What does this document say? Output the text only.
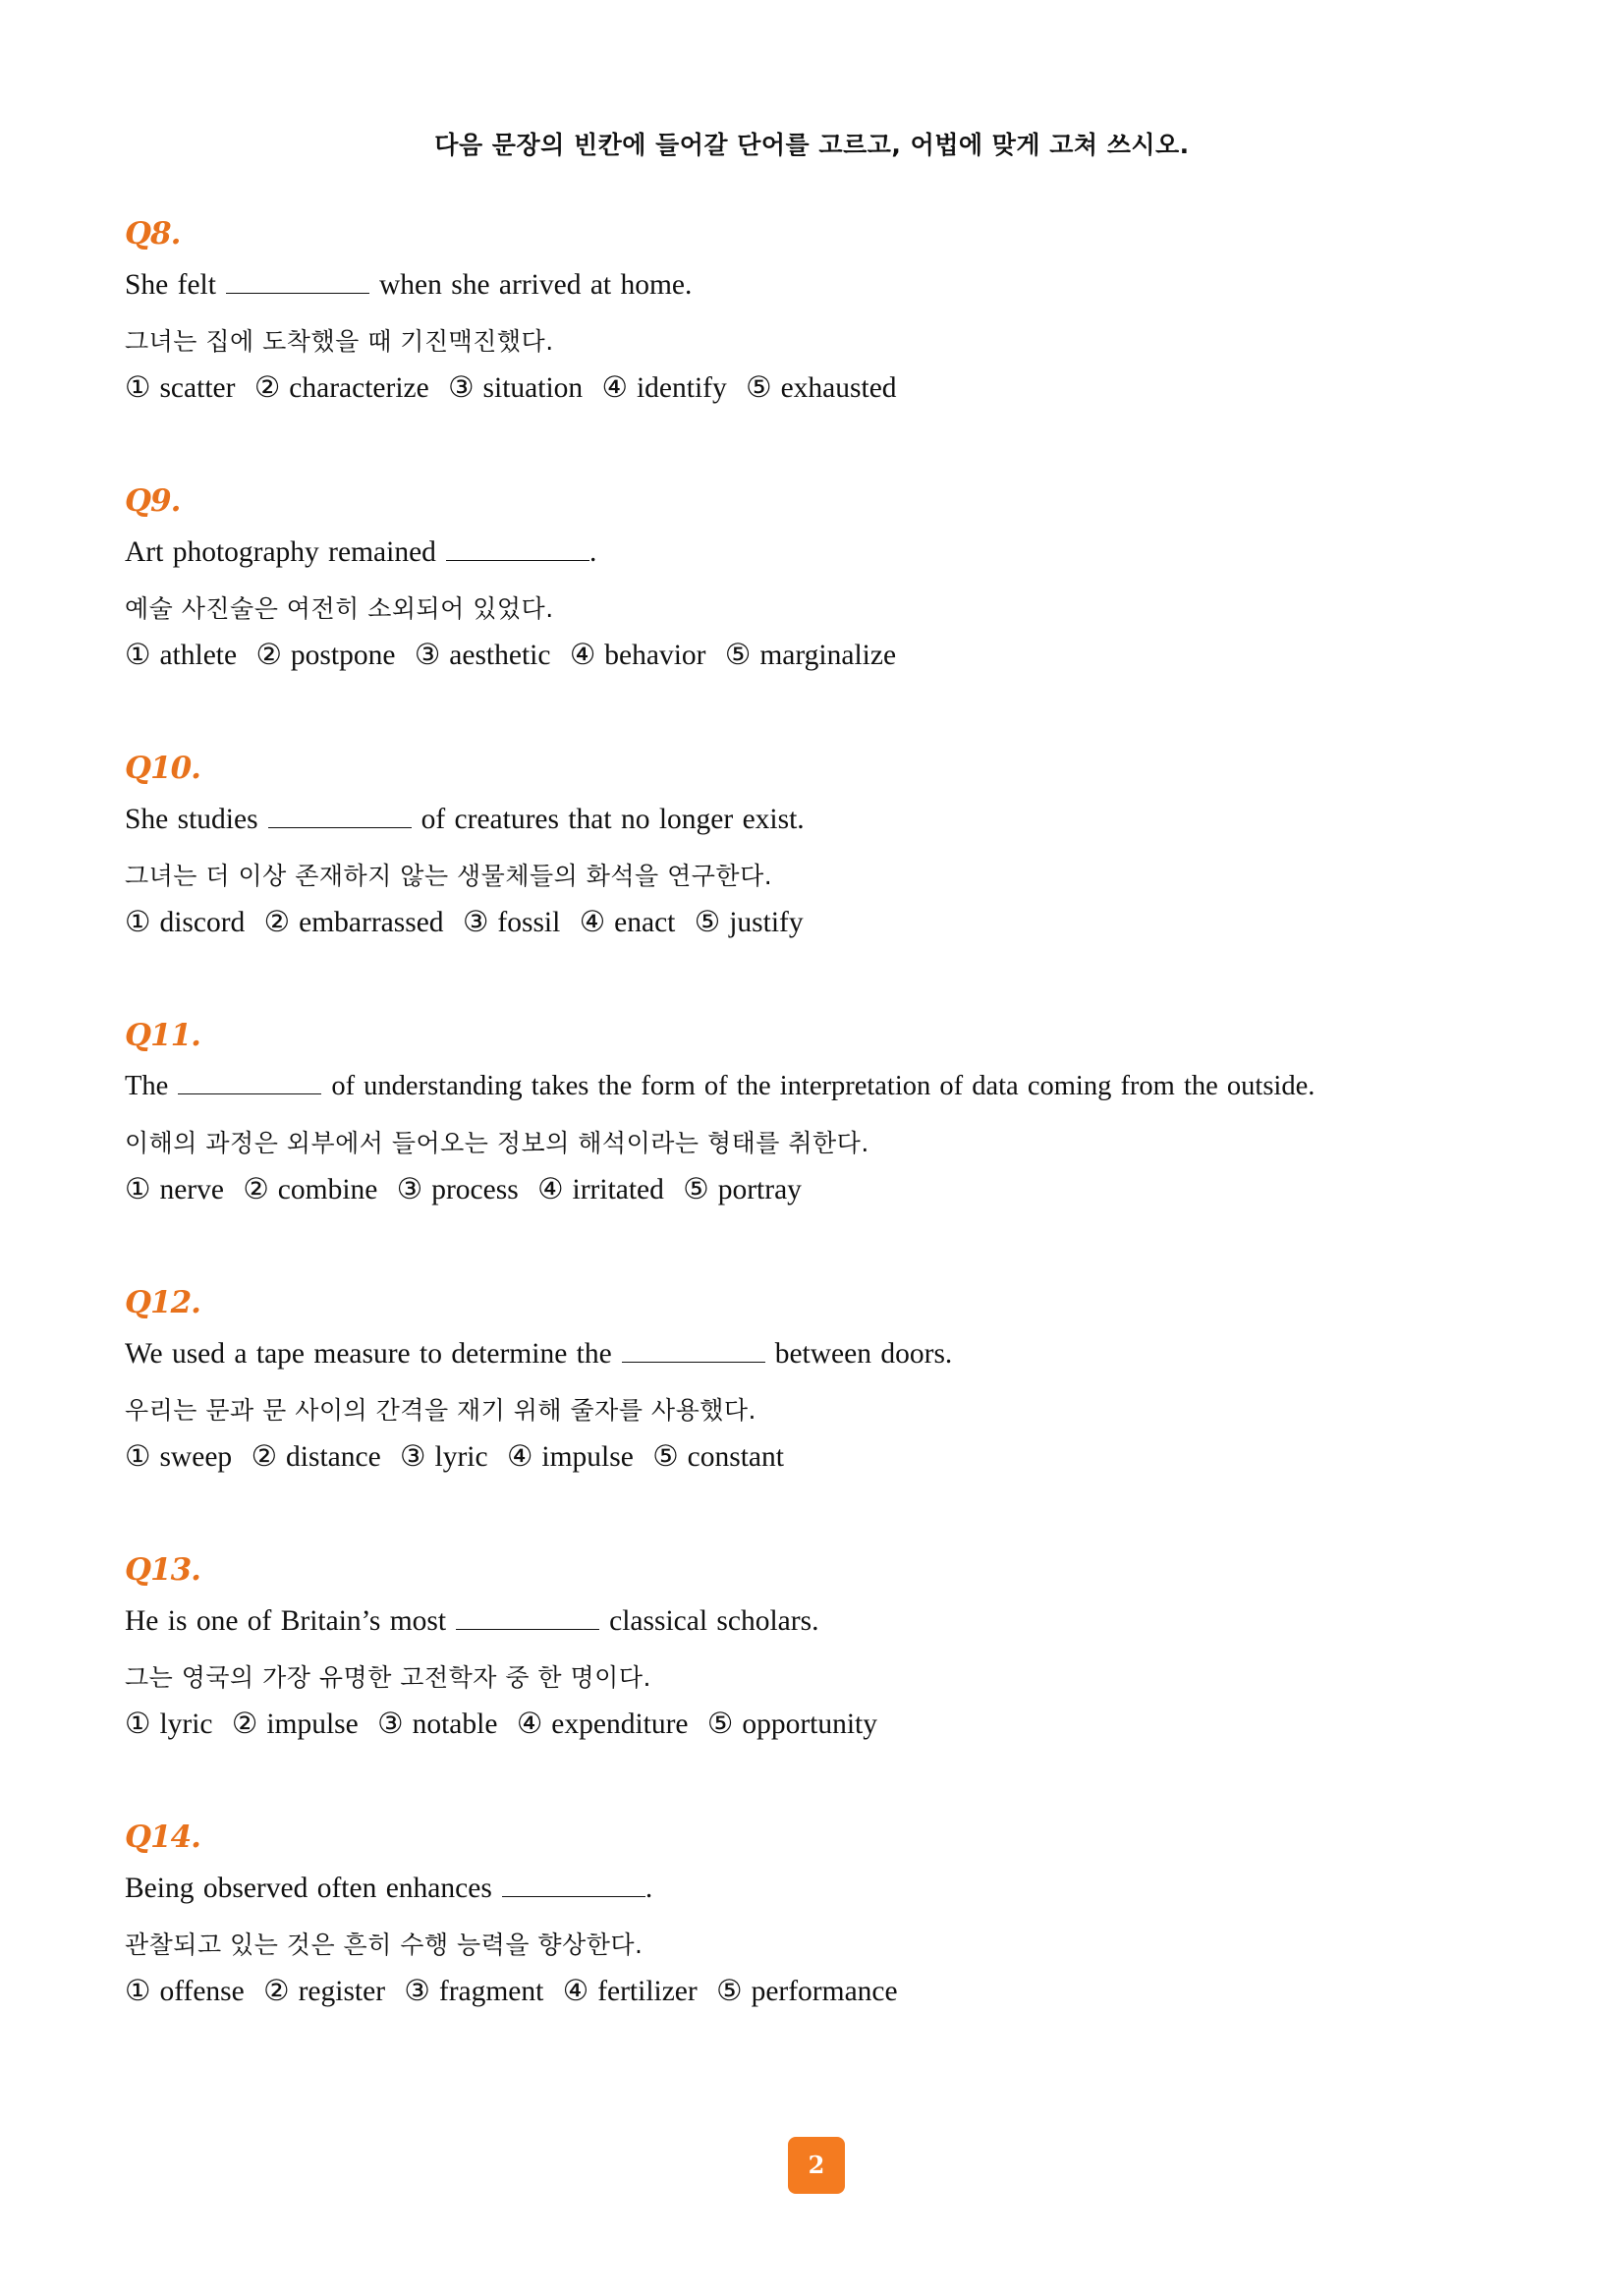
다음 문장의 빈칸에 들어갈 단어를 고르고, 어법에 맞게 고쳐 쓰시오.
Q8.
She felt	when she arrived at home.
그녀는 집에 도착했을 때 기진맥진했다.
① scatter ② characterize ③ situation ④ identify ⑤ exhausted
Q9.
Art photography remained	.
예술 사진술은 여전히 소외되어 있었다.
① athlete ② postpone ③ aesthetic ④ behavior ⑤ marginalize
Q10.
She studies	of creatures that no longer exist.
그녀는 더 이상 존재하지 않는 생물체들의 화석을 연구한다.
① discord ② embarrassed ③ fossil ④ enact ⑤ justify
Q11.
The	of understanding takes the form of the interpretation of data coming from the outside.
이해의 과정은 외부에서 들어오는 정보의 해석이라는 형태를 취한다.
① nerve ② combine ③ process ④ irritated ⑤ portray
Q12.
We used a tape measure to determine the	between doors.
우리는 문과 문 사이의 간격을 재기 위해 줄자를 사용했다.
① sweep ② distance ③ lyric ④ impulse ⑤ constant
Q13.
He is one of Britain’s most	classical scholars.
그는 영국의 가장 유명한 고전학자 중 한 명이다.
① lyric ② impulse ③ notable ④ expenditure ⑤ opportunity
Q14.
Being observed often enhances	.
관찰되고 있는 것은 흔히 수행 능력을 향상한다.
① offense ② register ③ fragment ④ fertilizer ⑤ performance
2
